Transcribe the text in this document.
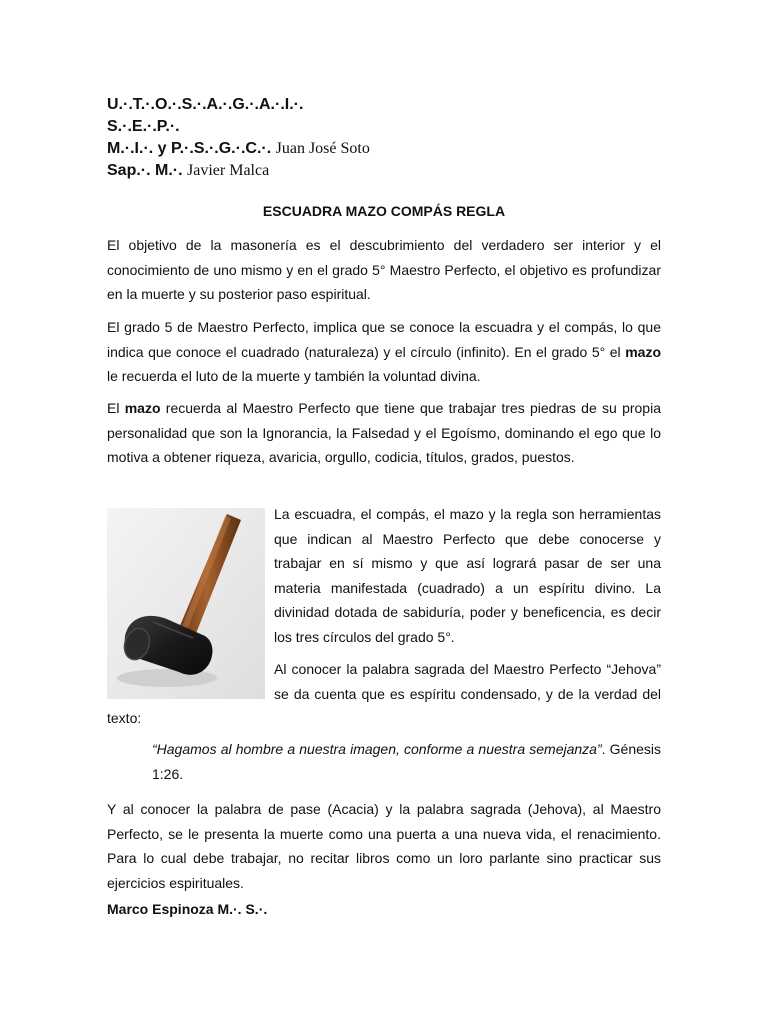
U.·.T.·.O.·.S.·.A.·.G.·.A.·.I.·.
S.·.E.·.P.·.
M.·.I.·. y P.·.S.·.G.·.C.·. Juan José Soto
Sap.·. M.·. Javier Malca
ESCUADRA MAZO COMPÁS REGLA

El objetivo de la masonería es el descubrimiento del verdadero ser interior y el conocimiento de uno mismo y en el grado 5° Maestro Perfecto, el objetivo es profundizar en la muerte y su posterior paso espiritual.

El grado 5 de Maestro Perfecto, implica que se conoce la escuadra y el compás, lo que indica que conoce el cuadrado (naturaleza) y el círculo (infinito). En el grado 5° el mazo le recuerda el luto de la muerte y también la voluntad divina.

El mazo recuerda al Maestro Perfecto que tiene que trabajar tres piedras de su propia personalidad que son la Ignorancia, la Falsedad y el Egoísmo, dominando el ego que lo motiva a obtener riqueza, avaricia, orgullo, codicia, títulos, grados, puestos.

La escuadra, el compás, el mazo y la regla son herramientas que indican al Maestro Perfecto que debe conocerse y trabajar en sí mismo y que así logrará pasar de ser una materia manifestada (cuadrado) a un espíritu divino. La divinidad dotada de sabiduría, poder y beneficencia, es decir los tres círculos del grado 5°.

Al conocer la palabra sagrada del Maestro Perfecto “Jehova” se da cuenta que es espíritu condensado, y de la verdad del texto:

“Hagamos al hombre a nuestra imagen, conforme a nuestra semejanza”. Génesis 1:26.

Y al conocer la palabra de pase (Acacia) y la palabra sagrada (Jehova), al Maestro Perfecto, se le presenta la muerte como una puerta a una nueva vida, el renacimiento. Para lo cual debe trabajar, no recitar libros como un loro parlante sino practicar sus ejercicios espirituales.

Marco Espinoza M.·. S.·.
